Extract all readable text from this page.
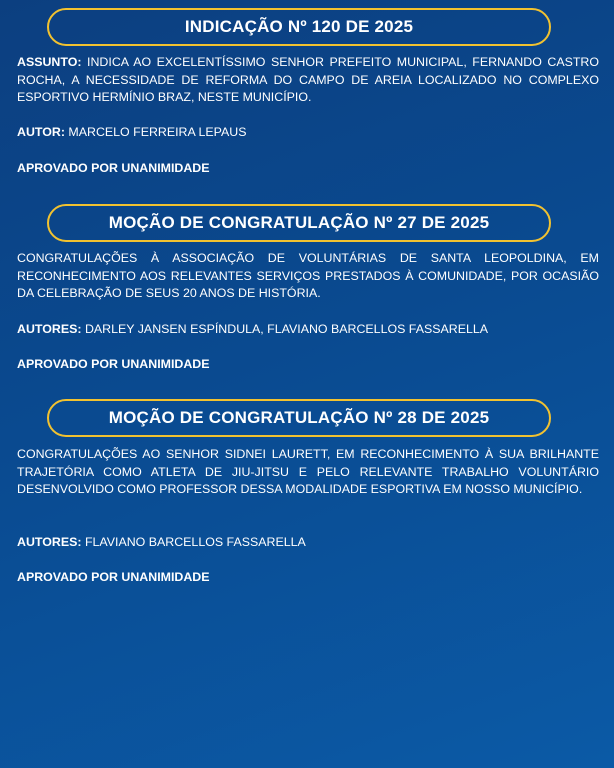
INDICAÇÃO Nº 120 DE 2025
ASSUNTO: INDICA AO EXCELENTÍSSIMO SENHOR PREFEITO MUNICIPAL, FERNANDO CASTRO ROCHA, A NECESSIDADE DE REFORMA DO CAMPO DE AREIA LOCALIZADO NO COMPLEXO ESPORTIVO HERMÍNIO BRAZ, NESTE MUNICÍPIO.
AUTOR: MARCELO FERREIRA LEPAUS
APROVADO POR UNANIMIDADE
MOÇÃO DE CONGRATULAÇÃO Nº 27 DE 2025
CONGRATULAÇÕES À ASSOCIAÇÃO DE VOLUNTÁRIAS DE SANTA LEOPOLDINA, EM RECONHECIMENTO AOS RELEVANTES SERVIÇOS PRESTADOS À COMUNIDADE, POR OCASIÃO DA CELEBRAÇÃO DE SEUS 20 ANOS DE HISTÓRIA.
AUTORES: DARLEY JANSEN ESPÍNDULA, FLAVIANO BARCELLOS FASSARELLA
APROVADO POR UNANIMIDADE
MOÇÃO DE CONGRATULAÇÃO Nº 28 DE 2025
CONGRATULAÇÕES AO SENHOR SIDNEI LAURETT, EM RECONHECIMENTO À SUA BRILHANTE TRAJETÓRIA COMO ATLETA DE JIU-JITSU E PELO RELEVANTE TRABALHO VOLUNTÁRIO DESENVOLVIDO COMO PROFESSOR DESSA MODALIDADE ESPORTIVA EM NOSSO MUNICÍPIO.
AUTORES: FLAVIANO BARCELLOS FASSARELLA
APROVADO POR UNANIMIDADE
